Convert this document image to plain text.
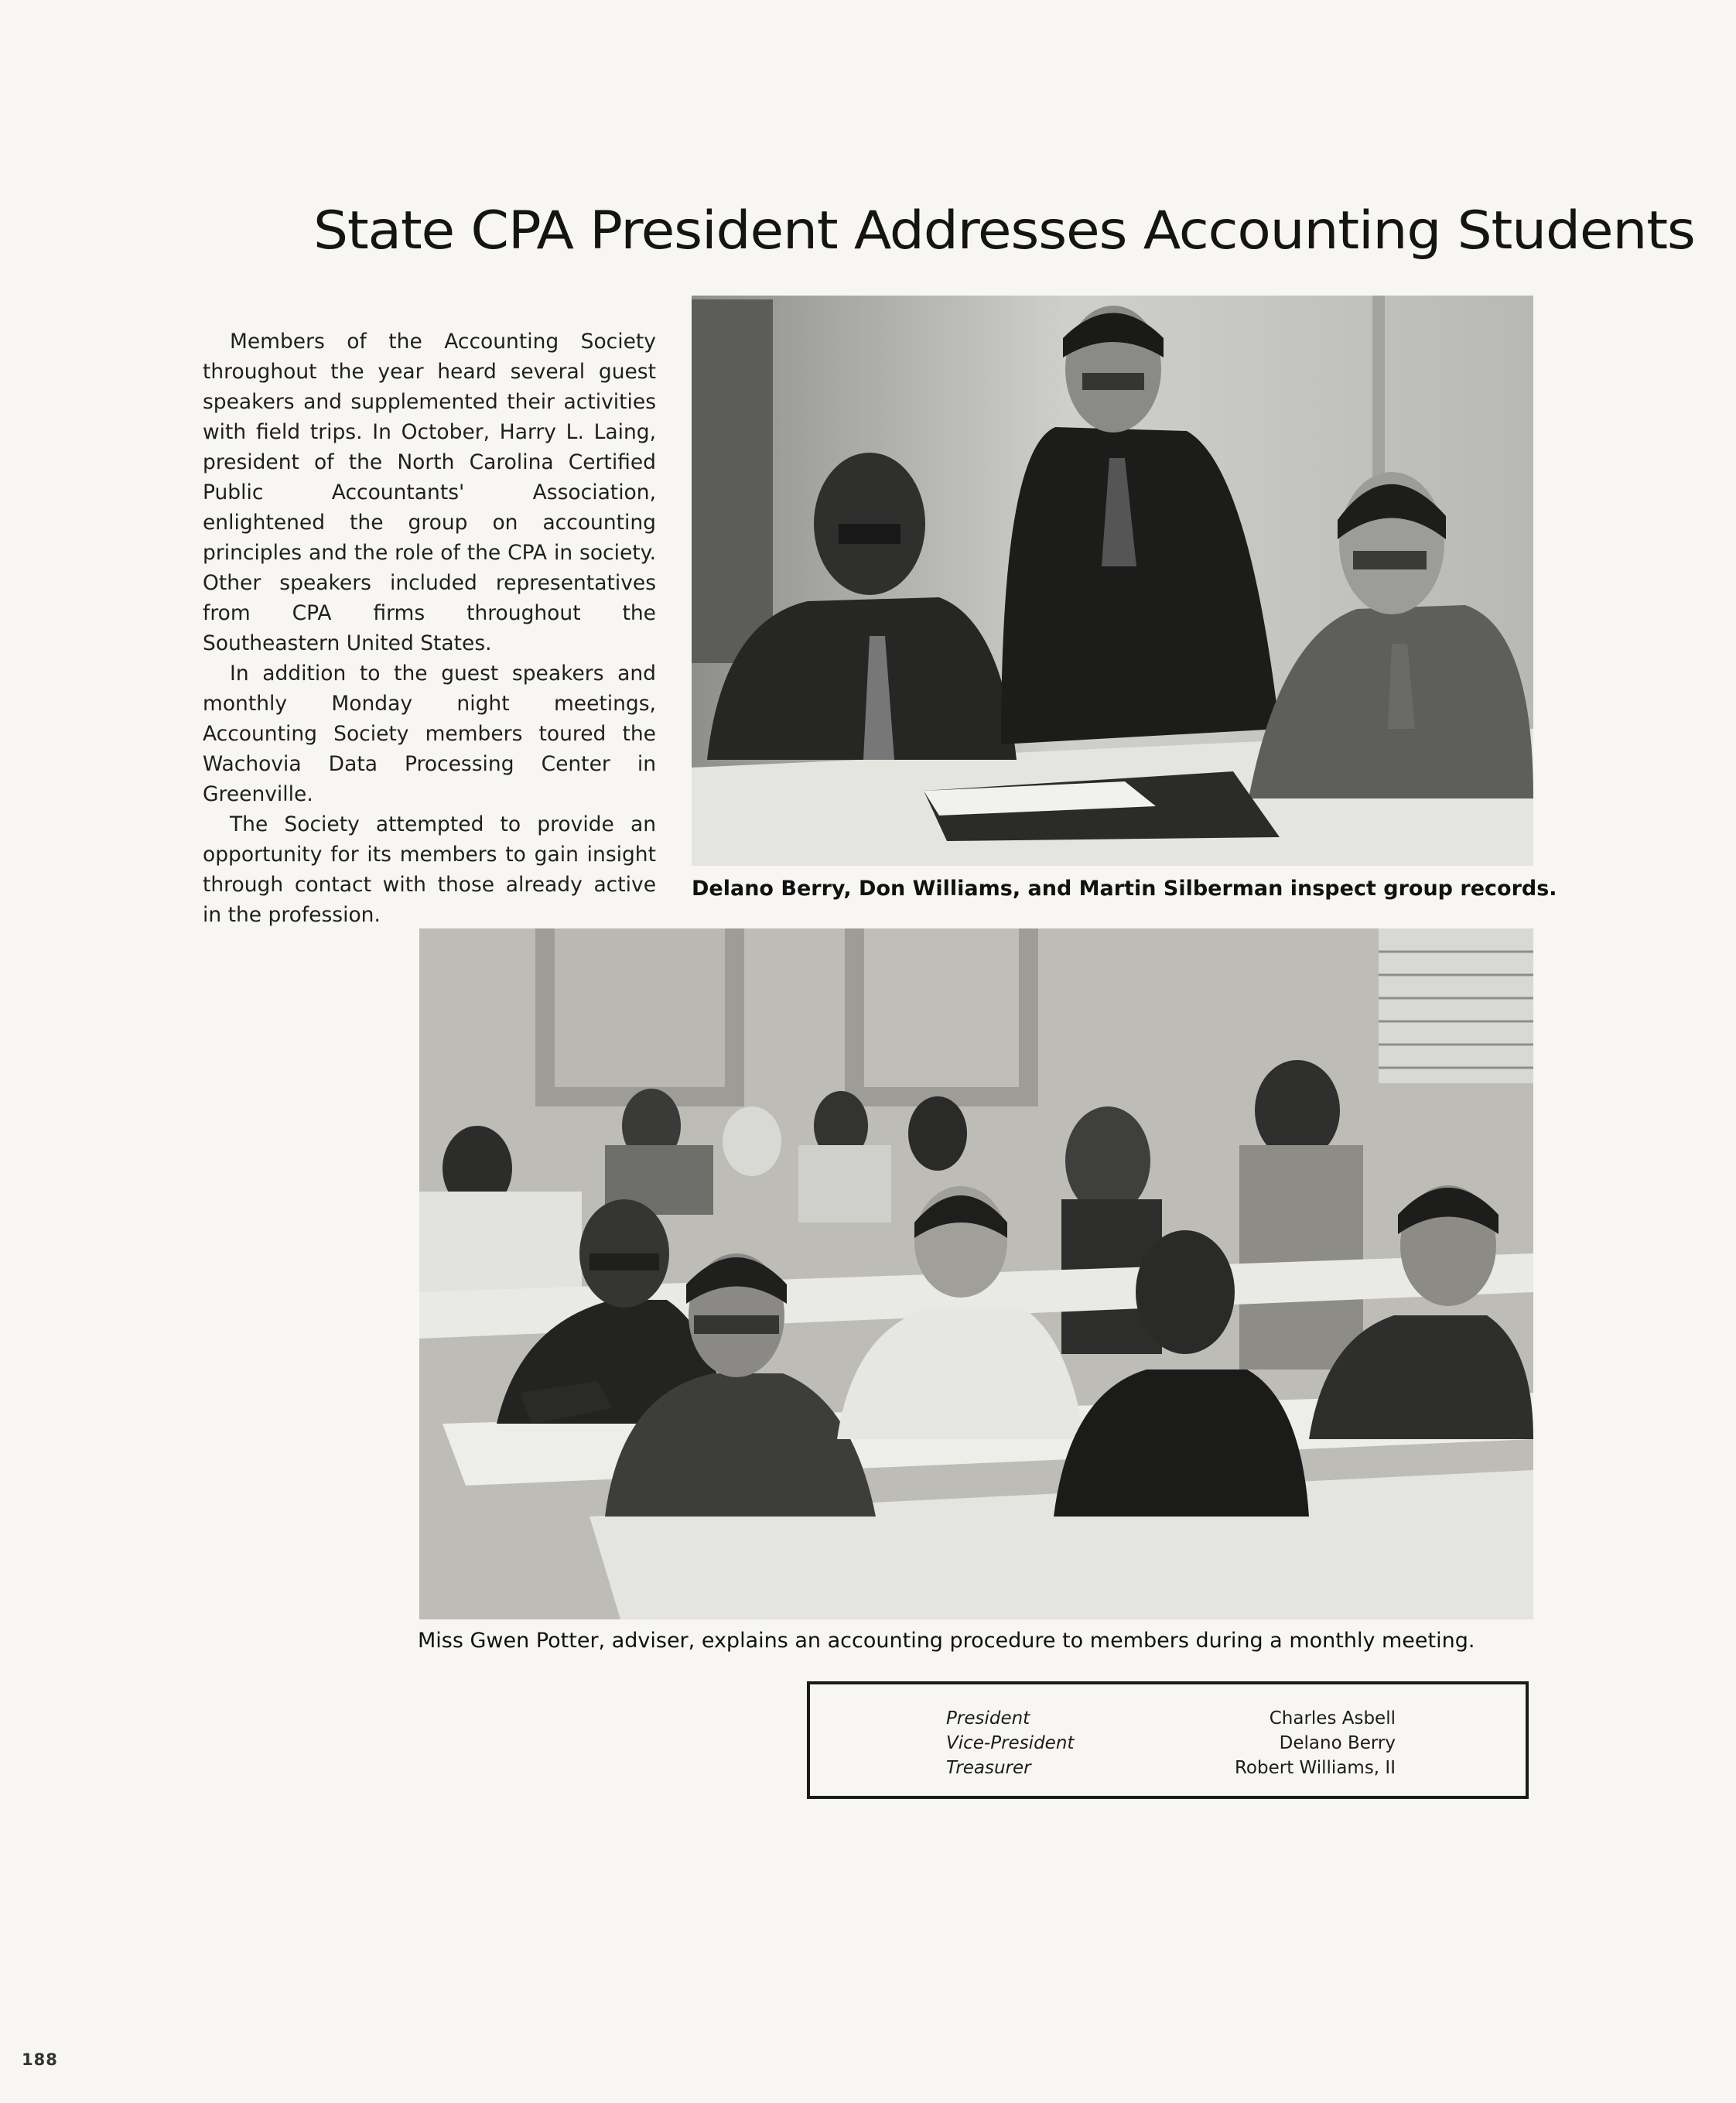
State CPA President Addresses Accounting Students

Members of the Accounting Society throughout the year heard several guest speakers and supplemented their activities with field trips. In October, Harry L. Laing, president of the North Carolina Certified Public Accountants' Association, enlightened the group on accounting principles and the role of the CPA in society. Other speakers included representatives from CPA firms throughout the Southeastern United States.

In addition to the guest speakers and monthly Monday night meetings, Accounting Society members toured the Wachovia Data Processing Center in Greenville.

The Society attempted to provide an opportunity for its members to gain insight through contact with those already active in the profession.

Delano Berry, Don Williams, and Martin Silberman inspect group records.
Miss Gwen Potter, adviser, explains an accounting procedure to members during a monthly meeting.
President	Charles Asbell
Vice-President	Delano Berry
Treasurer	Robert Williams, II
188
